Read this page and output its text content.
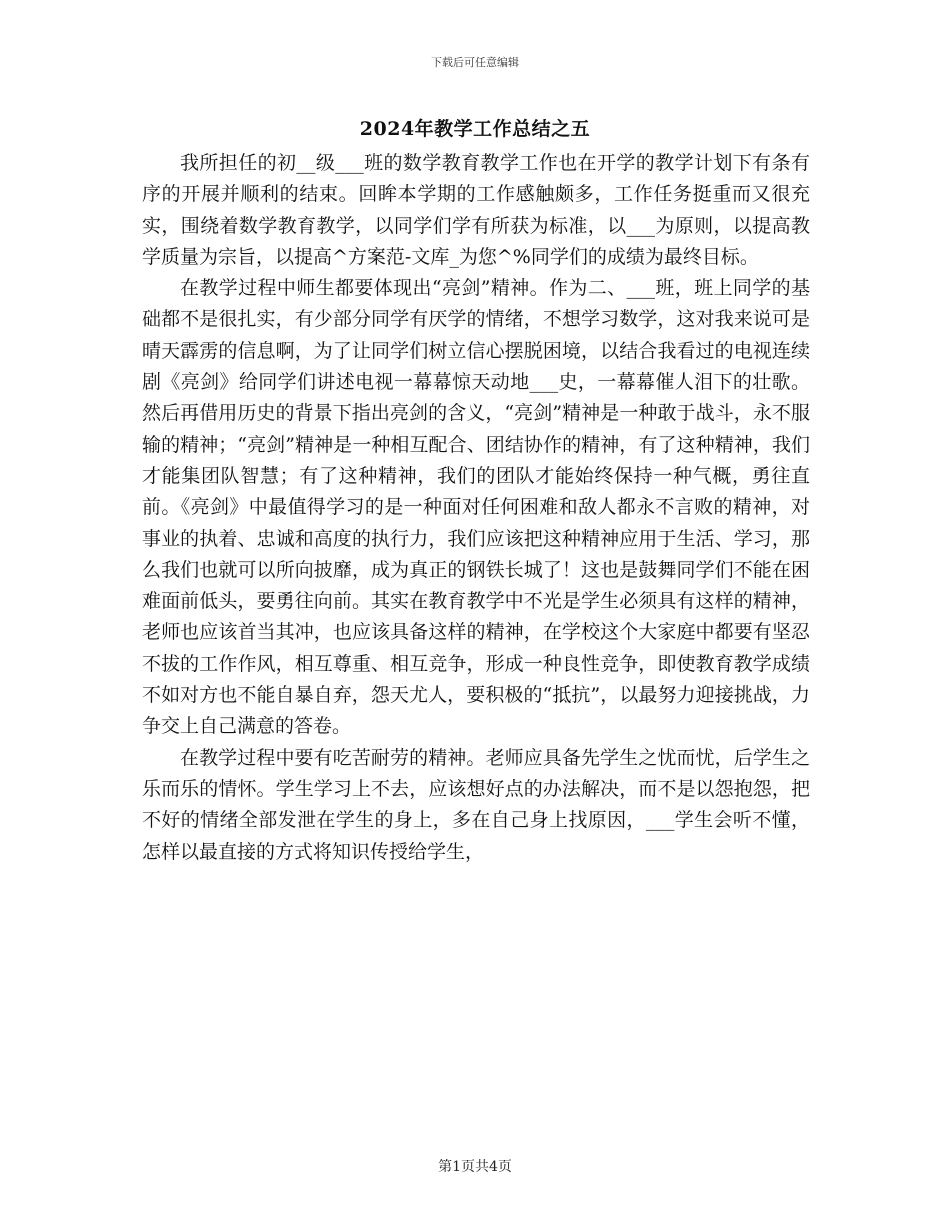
下载后可任意编辑
2024年教学工作总结之五

我所担任的初__级___班的数学教育教学工作也在开学的教学计划下有条有序的开展并顺利的结束。回眸本学期的工作感触颇多，工作任务挺重而又很充实，围绕着数学教育教学，以同学们学有所获为标准，以___为原则，以提高教学质量为宗旨，以提高^方案范-文库_为您^%同学们的成绩为最终目标。

在教学过程中师生都要体现出“亮剑”精神。作为二、___班，班上同学的基础都不是很扎实，有少部分同学有厌学的情绪，不想学习数学，这对我来说可是晴天霹雳的信息啊，为了让同学们树立信心摆脱困境，以结合我看过的电视连续剧《亮剑》给同学们讲述电视一幕幕惊天动地___史，一幕幕催人泪下的壮歌。然后再借用历史的背景下指出亮剑的含义，“亮剑”精神是一种敢于战斗，永不服输的精神；“亮剑”精神是一种相互配合、团结协作的精神，有了这种精神，我们才能集团队智慧；有了这种精神，我们的团队才能始终保持一种气概，勇往直前。《亮剑》中最值得学习的是一种面对任何困难和敌人都永不言败的精神，对事业的执着、忠诚和高度的执行力，我们应该把这种精神应用于生活、学习，那么我们也就可以所向披靡，成为真正的钢铁长城了！这也是鼓舞同学们不能在困难面前低头，要勇往向前。其实在教育教学中不光是学生必须具有这样的精神，老师也应该首当其冲，也应该具备这样的精神，在学校这个大家庭中都要有坚忍不拔的工作作风，相互尊重、相互竞争，形成一种良性竞争，即使教育教学成绩不如对方也不能自暴自弃，怨天尤人，要积极的“抵抗”，以最努力迎接挑战，力争交上自己满意的答卷。

在教学过程中要有吃苦耐劳的精神。老师应具备先学生之忧而忧，后学生之乐而乐的情怀。学生学习上不去，应该想好点的办法解决，而不是以怨抱怨，把不好的情绪全部发泄在学生的身上，多在自己身上找原因，___学生会听不懂，怎样以最直接的方式将知识传授给学生，

第1页共4页
